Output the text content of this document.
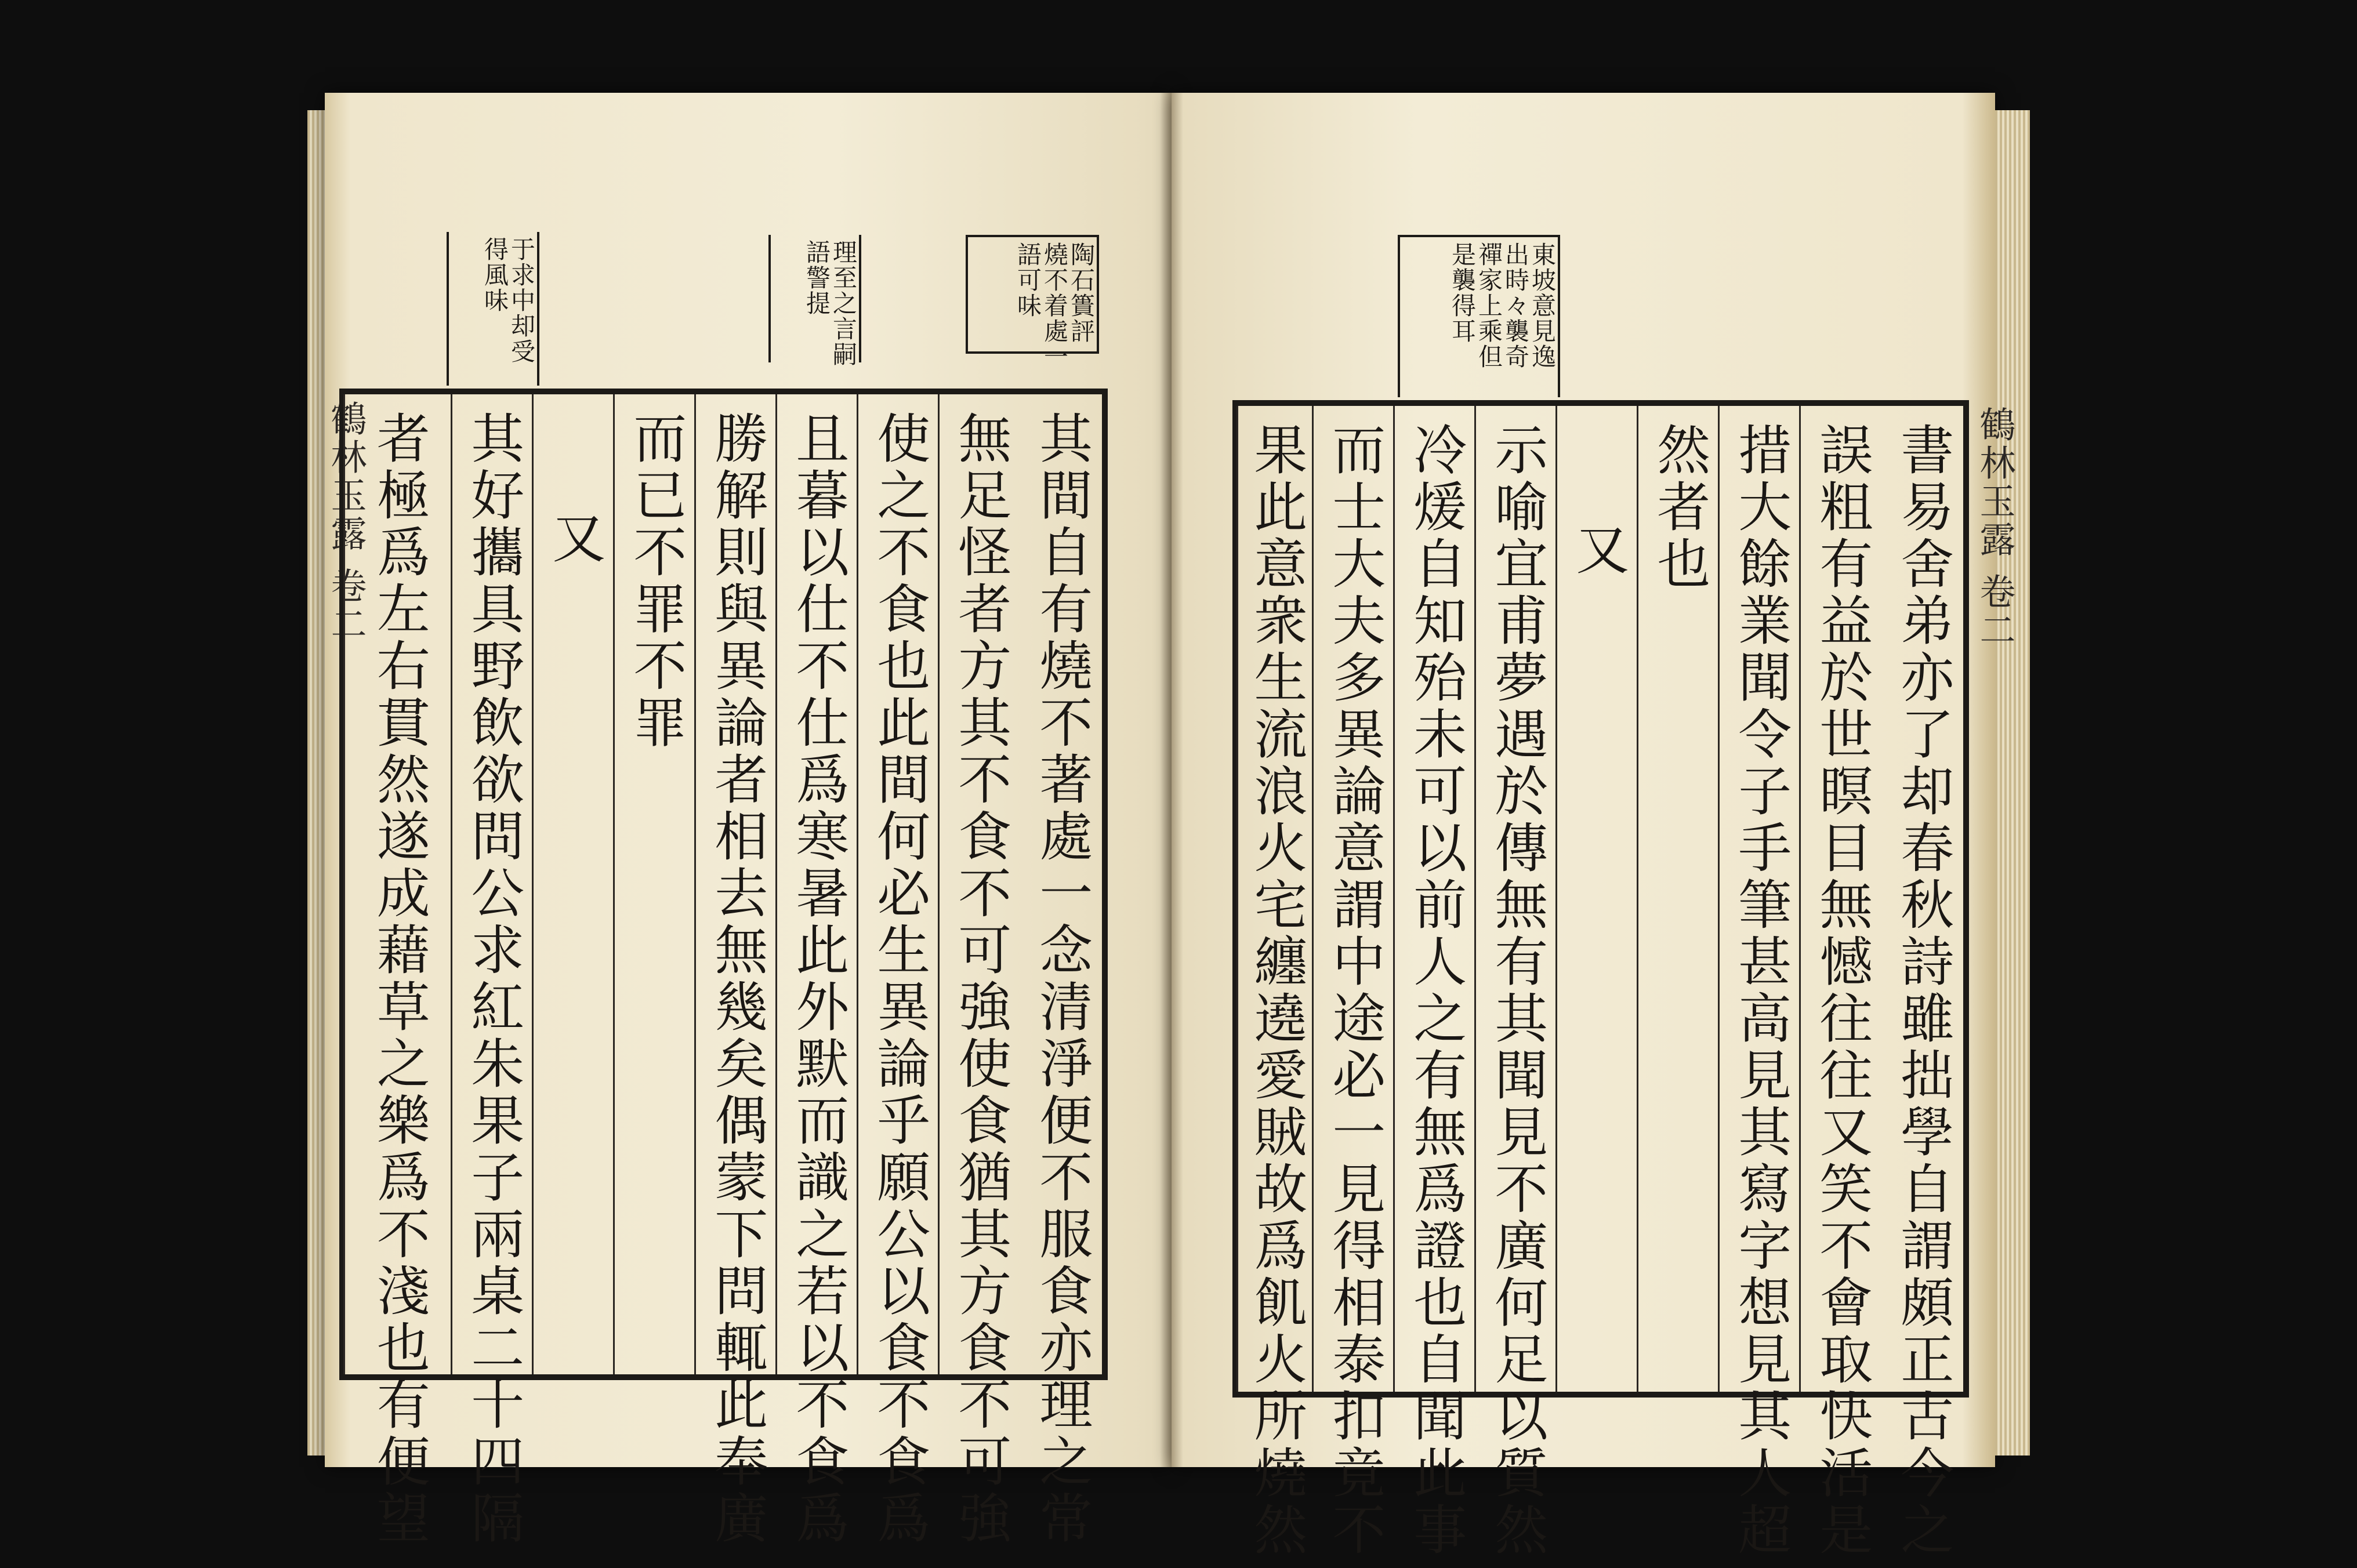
陶石簣評
燒不着處一
語可味
理至之言嗣
語警提
于求中却受
得風味
鶴林玉露 卷二	其間自有燒不著處一念清淨便不服食亦理之常
無足怪者方其不食不可強使食猶其方食不可強
使之不食也此間何必生異論乎願公以食不食爲
且暮以仕不仕爲寒暑此外默而識之若以不食爲
勝解則與異論者相去無幾矣偶蒙下問輒此奉廣
而已不罪不罪
又
其好攜具野飲欲問公求紅朱果子兩桌二十四隔
者極爲左右貫然遂成藉草之樂爲不淺也有便望
東坡意見逸
出時々襲奇
禪家上乘但
是襲得耳
鶴林玉露 卷二
書易舍弟亦了却春秋詩雖拙學自謂頗正古今之
誤粗有益於世瞑目無憾往往又笑不會取快活是
措大餘業聞令子手筆甚高見其寫字想見其人超
然者也
又
示喻宜甫夢遇於傳無有其聞見不廣何足以質然
冷煖自知殆未可以前人之有無爲證也自聞此事
而士大夫多異論意謂中途必一見得相泰扣竟不
果此意衆生流浪火宅纏遶愛賊故爲飢火所燒然
